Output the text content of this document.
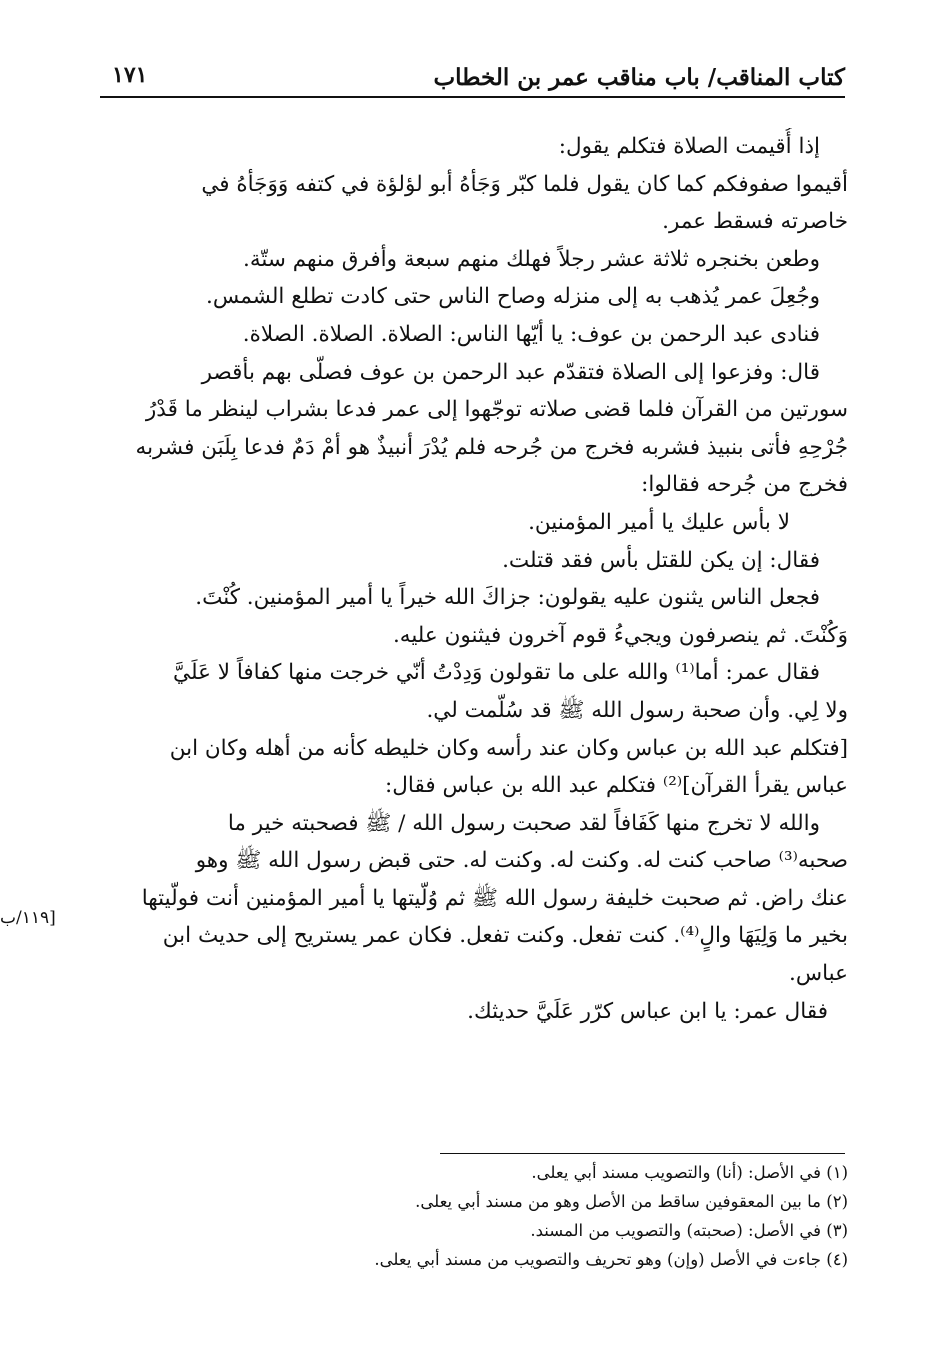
كتاب المناقب/ باب مناقب عمر بن الخطاب
١٧١
إذا أُقيمت الصلاة فتكلم يقول:
أقيموا صفوفكم كما كان يقول فلما كبّر وَجَأهُ أبو لؤلؤة في كتفه وَوَجَأهُ في
خاصرته فسقط عمر.
وطعن بخنجره ثلاثة عشر رجلاً فهلك منهم سبعة وأفرق منهم ستّة.
وجُعِلَ عمر يُذهب به إلى منزله وصاح الناس حتى كادت تطلع الشمس.
فنادى عبد الرحمن بن عوف: يا أيّها الناس: الصلاة. الصلاة. الصلاة.
قال: وفزعوا إلى الصلاة فتقدّم عبد الرحمن بن عوف فصلّى بهم بأقصر
سورتين من القرآن فلما قضى صلاته توجّهوا إلى عمر فدعا بشراب لينظر ما قَدْرُ
جُرْحِهِ فأتى بنبيذ فشربه فخرج من جُرحه فلم يُدْرَ أنبيذٌ هو أمْ دَمٌ فدعا بِلَبَن فشربه
فخرج من جُرحه فقالوا:
لا بأس عليك يا أمير المؤمنين.
فقال: إن يكن للقتل بأس فقد قتلت.
فجعل الناس يثنون عليه يقولون: جزاكَ الله خيراً يا أمير المؤمنين. كُنْتَ.
وَكُنْتَ. ثم ينصرفون ويجيءُ قوم آخرون فيثنون عليه.
فقال عمر: أما⁽¹⁾ والله على ما تقولون وَدِدْتُ أنّي خرجت منها كفافاً لا عَلَيَّ
ولا لِي. وأن صحبة رسول الله ﷺ قد سُلّمت لي.
[فتكلم عبد الله بن عباس وكان عند رأسه وكان خليطه كأنه من أهله وكان ابن
عباس يقرأ القرآن]⁽²⁾ فتكلم عبد الله بن عباس فقال:
والله لا تخرج منها كَفَافاً لقد صحبت رسول الله / ﷺ فصحبته خير ما
صحبه⁽³⁾ صاحب كنت له. وكنت له. وكنت له. حتى قبض رسول الله ﷺ وهو
عنك راض. ثم صحبت خليفة رسول الله ﷺ ثم وُلّيتها يا أمير المؤمنين أنت فولّيتها
بخير ما وَلِيَهَا والٍ⁽⁴⁾. كنت تفعل. وكنت تفعل. فكان عمر يستريح إلى حديث ابن
عباس.
فقال عمر: يا ابن عباس كرّر عَلَيَّ حديثك.
[١١٩/ب
(١) في الأصل: (أنا) والتصويب مسند أبي يعلى.
(٢) ما بين المعقوفين ساقط من الأصل وهو من مسند أبي يعلى.
(٣) في الأصل: (صحبته) والتصويب من المسند.
(٤) جاءت في الأصل (وإن) وهو تحريف والتصويب من مسند أبي يعلى.
